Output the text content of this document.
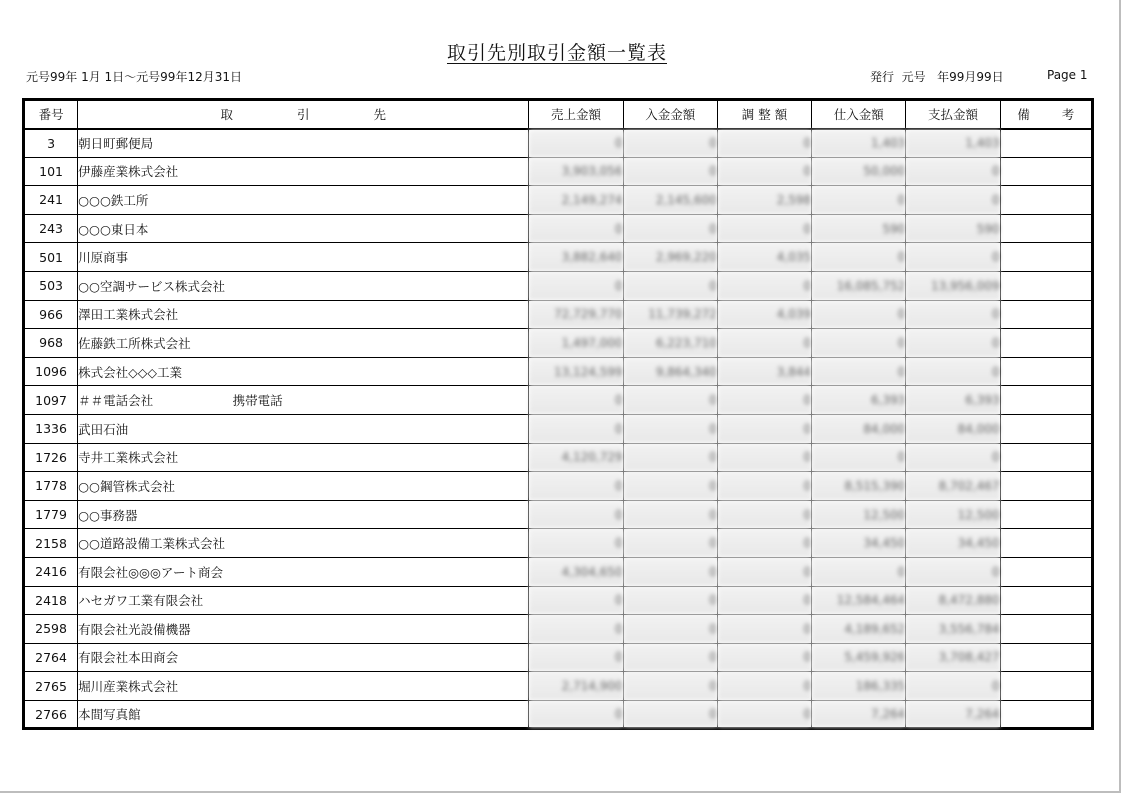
取引先別取引金額一覧表
元号99年 1月 1日～元号99年12月31日	発行  元号   年99月99日	Page 1
番号	取 引 先	売上金額	入金金額	調 整 額	仕入金額	支払金額	備 考
3	朝日町郵便局	0	0	0	1,403	1,403	
101	伊藤産業株式会社	3,903,056	0	0	50,000	0	
241	○○○鉄工所	2,149,274	2,145,600	2,598	0	0	
243	○○○東日本	0	0	0	590	590	
501	川原商事	3,882,640	2,969,220	4,035	0	0	
503	○○空調サービス株式会社	0	0	0	16,085,752	13,956,009	
966	澤田工業株式会社	72,729,770	11,739,272	4,039	0	0	
968	佐藤鉄工所株式会社	1,497,000	6,223,710	0	0	0	
1096	株式会社◇◇◇工業	13,124,599	9,864,340	3,844	0	0	
1097	＃＃電話会社                    携帯電話	0	0	0	6,393	6,393	
1336	武田石油	0	0	0	84,000	84,000	
1726	寺井工業株式会社	4,120,729	0	0	0	0	
1778	○○鋼管株式会社	0	0	0	8,515,390	8,702,467	
1779	○○事務器	0	0	0	12,500	12,500	
2158	○○道路設備工業株式会社	0	0	0	34,450	34,450	
2416	有限会社◎◎◎アート商会	4,304,650	0	0	0	0	
2418	ハセガワ工業有限会社	0	0	0	12,584,464	8,472,880	
2598	有限会社光設備機器	0	0	0	4,189,652	3,556,784	
2764	有限会社本田商会	0	0	0	5,459,926	3,708,427	
2765	堀川産業株式会社	2,714,900	0	0	186,335	0	
2766	本間写真館	0	0	0	7,264	7,264	
